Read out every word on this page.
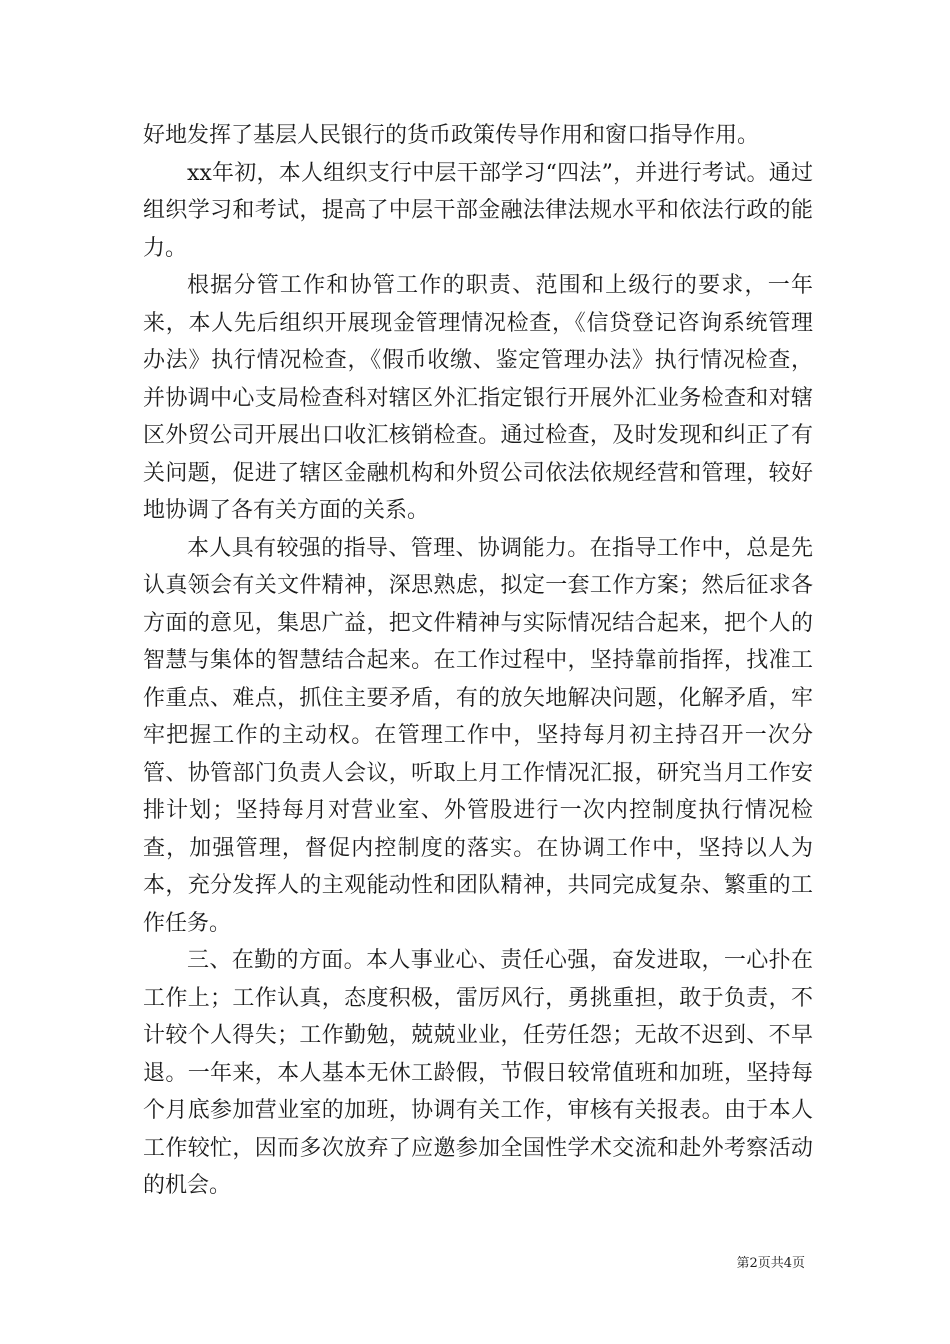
好地发挥了基层人民银行的货币政策传导作用和窗口指导作用。

xx年初，本人组织支行中层干部学习“四法”，并进行考试。通过组织学习和考试，提高了中层干部金融法律法规水平和依法行政的能力。

根据分管工作和协管工作的职责、范围和上级行的要求，一年来，本人先后组织开展现金管理情况检查，《信贷登记咨询系统管理办法》执行情况检查，《假币收缴、鉴定管理办法》执行情况检查，并协调中心支局检查科对辖区外汇指定银行开展外汇业务检查和对辖区外贸公司开展出口收汇核销检查。通过检查，及时发现和纠正了有关问题，促进了辖区金融机构和外贸公司依法依规经营和管理，较好地协调了各有关方面的关系。

本人具有较强的指导、管理、协调能力。在指导工作中，总是先认真领会有关文件精神，深思熟虑，拟定一套工作方案；然后征求各方面的意见，集思广益，把文件精神与实际情况结合起来，把个人的智慧与集体的智慧结合起来。在工作过程中，坚持靠前指挥，找准工作重点、难点，抓住主要矛盾，有的放矢地解决问题，化解矛盾，牢牢把握工作的主动权。在管理工作中，坚持每月初主持召开一次分管、协管部门负责人会议，听取上月工作情况汇报，研究当月工作安排计划；坚持每月对营业室、外管股进行一次内控制度执行情况检查，加强管理，督促内控制度的落实。在协调工作中，坚持以人为本，充分发挥人的主观能动性和团队精神，共同完成复杂、繁重的工作任务。

三、在勤的方面。本人事业心、责任心强，奋发进取，一心扑在工作上；工作认真，态度积极，雷厉风行，勇挑重担，敢于负责，不计较个人得失；工作勤勉，兢兢业业，任劳任怨；无故不迟到、不早退。一年来，本人基本无休工龄假，节假日较常值班和加班，坚持每个月底参加营业室的加班，协调有关工作，审核有关报表。由于本人工作较忙，因而多次放弃了应邀参加全国性学术交流和赴外考察活动的机会。

第2页共4页
